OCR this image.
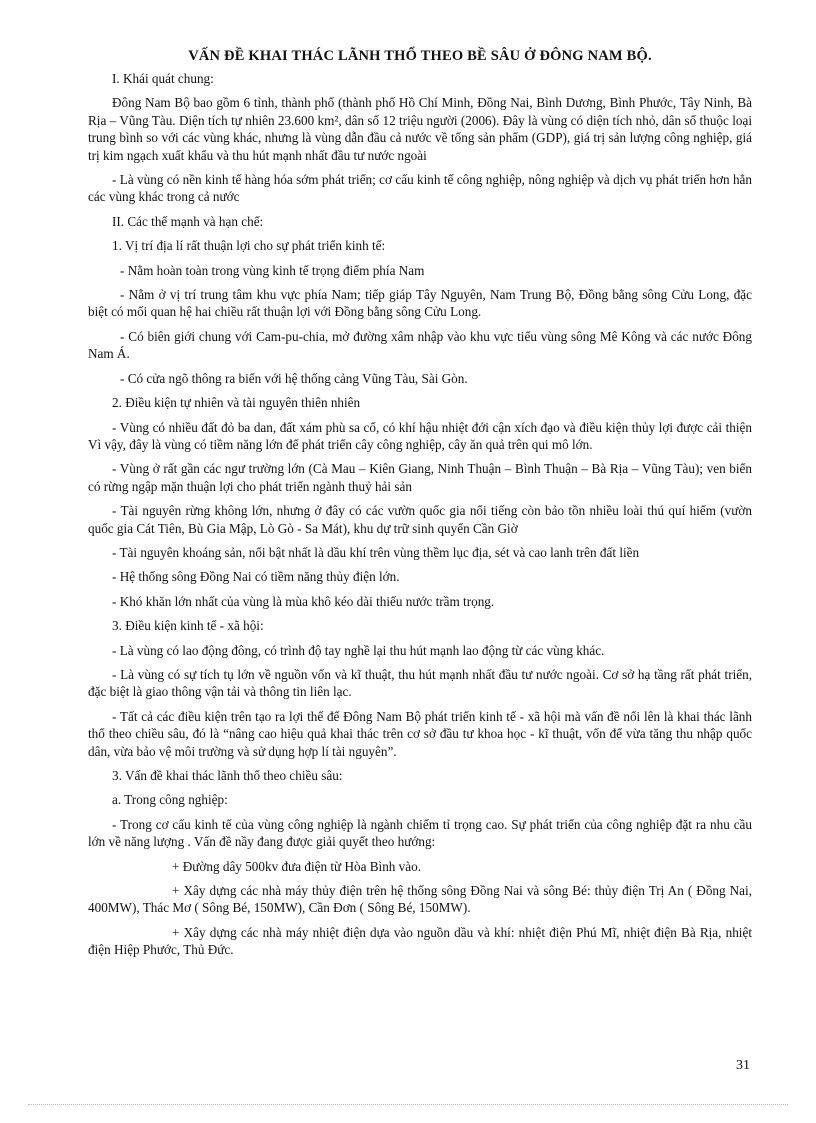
VẤN ĐỀ KHAI THÁC LÃNH THỔ THEO BỀ SÂU Ở ĐÔNG NAM BỘ.

I. Khái quát chung:

Đông Nam Bộ bao gồm 6 tỉnh, thành phố (thành phố Hồ Chí Minh, Đồng Nai, Bình Dương, Bình Phước, Tây Ninh, Bà Rịa – Vũng Tàu. Diện tích tự nhiên 23.600 km², dân số 12 triệu người (2006). Đây là vùng có diện tích nhỏ, dân số thuộc loại trung bình so với các vùng khác, nhưng là vùng dẫn đầu cả nước về tổng sản phẩm (GDP), giá trị sản lượng công nghiệp, giá trị kim ngạch xuất khẩu và thu hút mạnh nhất đầu tư nước ngoài

- Là vùng có nền kinh tế hàng hóa sớm phát triển; cơ cấu kinh tế công nghiệp, nông nghiệp và dịch vụ phát triển hơn hẳn các vùng khác trong cả nước

II. Các thế mạnh và hạn chế:

1. Vị trí địa lí rất thuận lợi cho sự phát triển kinh tế:

- Nằm hoàn toàn trong vùng kinh tế trọng điểm phía Nam

- Nằm ở vị trí trung tâm khu vực phía Nam; tiếp giáp Tây Nguyên, Nam Trung Bộ, Đồng bằng sông Cửu Long, đặc biệt có mối quan hệ hai chiều rất thuận lợi với Đồng bằng sông Cửu Long.

- Có biên giới chung với Cam-pu-chia, mở đường xâm nhập vào khu vực tiểu vùng sông Mê Kông và các nước Đông Nam Á.

- Có cửa ngõ thông ra biển với hệ thống cảng Vũng Tàu, Sài Gòn.

2. Điều kiện tự nhiên và tài nguyên thiên nhiên

- Vùng có nhiều đất đỏ ba dan, đất xám phù sa cổ, có khí hậu nhiệt đới cận xích đạo và điều kiện thủy lợi được cải thiện Vì vậy, đây là vùng có tiềm năng lớn để phát triển cây công nghiệp, cây ăn quả trên qui mô lớn.

- Vùng ở rất gần các ngư trường lớn (Cà Mau – Kiên Giang, Ninh Thuận – Bình Thuận – Bà Rịa – Vũng Tàu); ven biển có rừng ngập mặn thuận lợi cho phát triển ngành thuỷ hải sản

- Tài nguyên rừng không lớn, nhưng ở đây có các vườn quốc gia nổi tiếng còn bảo tồn nhiều loài thú quí hiếm (vườn quốc gia Cát Tiên, Bù Gia Mập, Lò Gò - Sa Mát), khu dự trữ sinh quyển Cần Giờ

- Tài nguyên khoáng sản, nổi bật nhất là dầu khí trên vùng thềm lục địa, sét và cao lanh trên đất liền

- Hệ thống sông Đồng Nai có tiềm năng thủy điện lớn.

- Khó khăn lớn nhất của vùng là mùa khô kéo dài thiếu nước trầm trọng.

3. Điều kiện kinh tế - xã hội:

- Là vùng có lao động đông, có trình độ tay nghề lại thu hút mạnh lao động từ các vùng khác.

- Là vùng có sự tích tụ lớn về nguồn vốn và kĩ thuật, thu hút mạnh nhất đầu tư nước ngoài. Cơ sở hạ tầng rất phát triển, đặc biệt là giao thông vận tải và thông tin liên lạc.

- Tất cả các điều kiện trên tạo ra lợi thế để Đông Nam Bộ phát triển kinh tế - xã hội mà vấn đề nổi lên là khai thác lãnh thổ theo chiều sâu, đó là “nâng cao hiệu quả khai thác trên cơ sở đầu tư khoa học - kĩ thuật, vốn để vừa tăng thu nhập quốc dân, vừa bảo vệ môi trường và sử dụng hợp lí tài nguyên”.

3. Vấn đề khai thác lãnh thổ theo chiều sâu:

a. Trong công nghiệp:

- Trong cơ cấu kinh tế của vùng công nghiệp là ngành chiếm tỉ trọng cao. Sự phát triển của công nghiệp đặt ra nhu cầu lớn về năng lượng . Vấn đề nầy đang được giải quyết theo hướng:

+ Đường dây 500kv đưa điện từ Hòa Bình vào.

+ Xây dựng các nhà máy thủy điện trên hệ thống sông Đồng Nai và sông Bé: thủy điện Trị An ( Đồng Nai, 400MW), Thác Mơ ( Sông Bé, 150MW), Cần Đơn ( Sông Bé, 150MW).

+ Xây dựng các nhà máy nhiệt điện dựa vào nguồn dầu và khí: nhiệt điện Phú Mĩ, nhiệt điện Bà Rịa, nhiệt điện Hiệp Phước, Thủ Đức.

31
